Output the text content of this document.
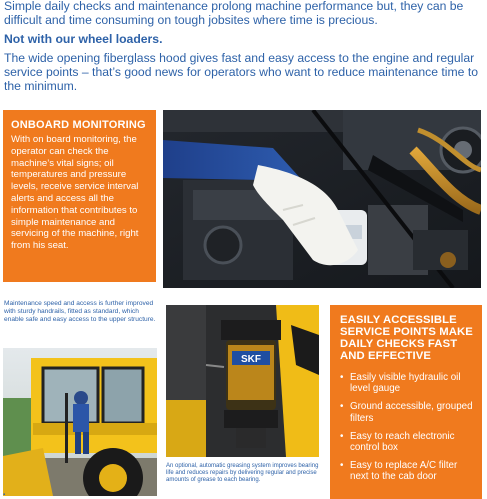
Simple daily checks and maintenance prolong machine performance but, they can be difficult and time consuming on tough jobsites where time is precious.

Not with our wheel loaders.

The wide opening fiberglass hood gives fast and easy access to the engine and regular service points – that’s good news for operators who want to reduce maintenance time to the minimum.

ONBOARD MONITORING
With on board monitoring, the operator can check the machine’s vital signs; oil temperatures and pressure levels, receive service interval alerts and access all the information that contributes to simple maintenance and servicing of the machine, right from his seat.
Maintenance speed and access is further improved with sturdy handrails, fitted as standard, which enable safe and easy access to the upper structure.
SKF
An optional, automatic greasing system improves bearing life and reduces repairs by delivering regular and precise amounts of grease to each bearing.
EASILY ACCESSIBLE SERVICE POINTS MAKE DAILY CHECKS FAST AND EFFECTIVE
• Easily visible hydraulic oil level gauge
• Ground accessible, grouped filters
• Easy to reach electronic control box
• Easy to replace A/C filter next to the cab door
▪
